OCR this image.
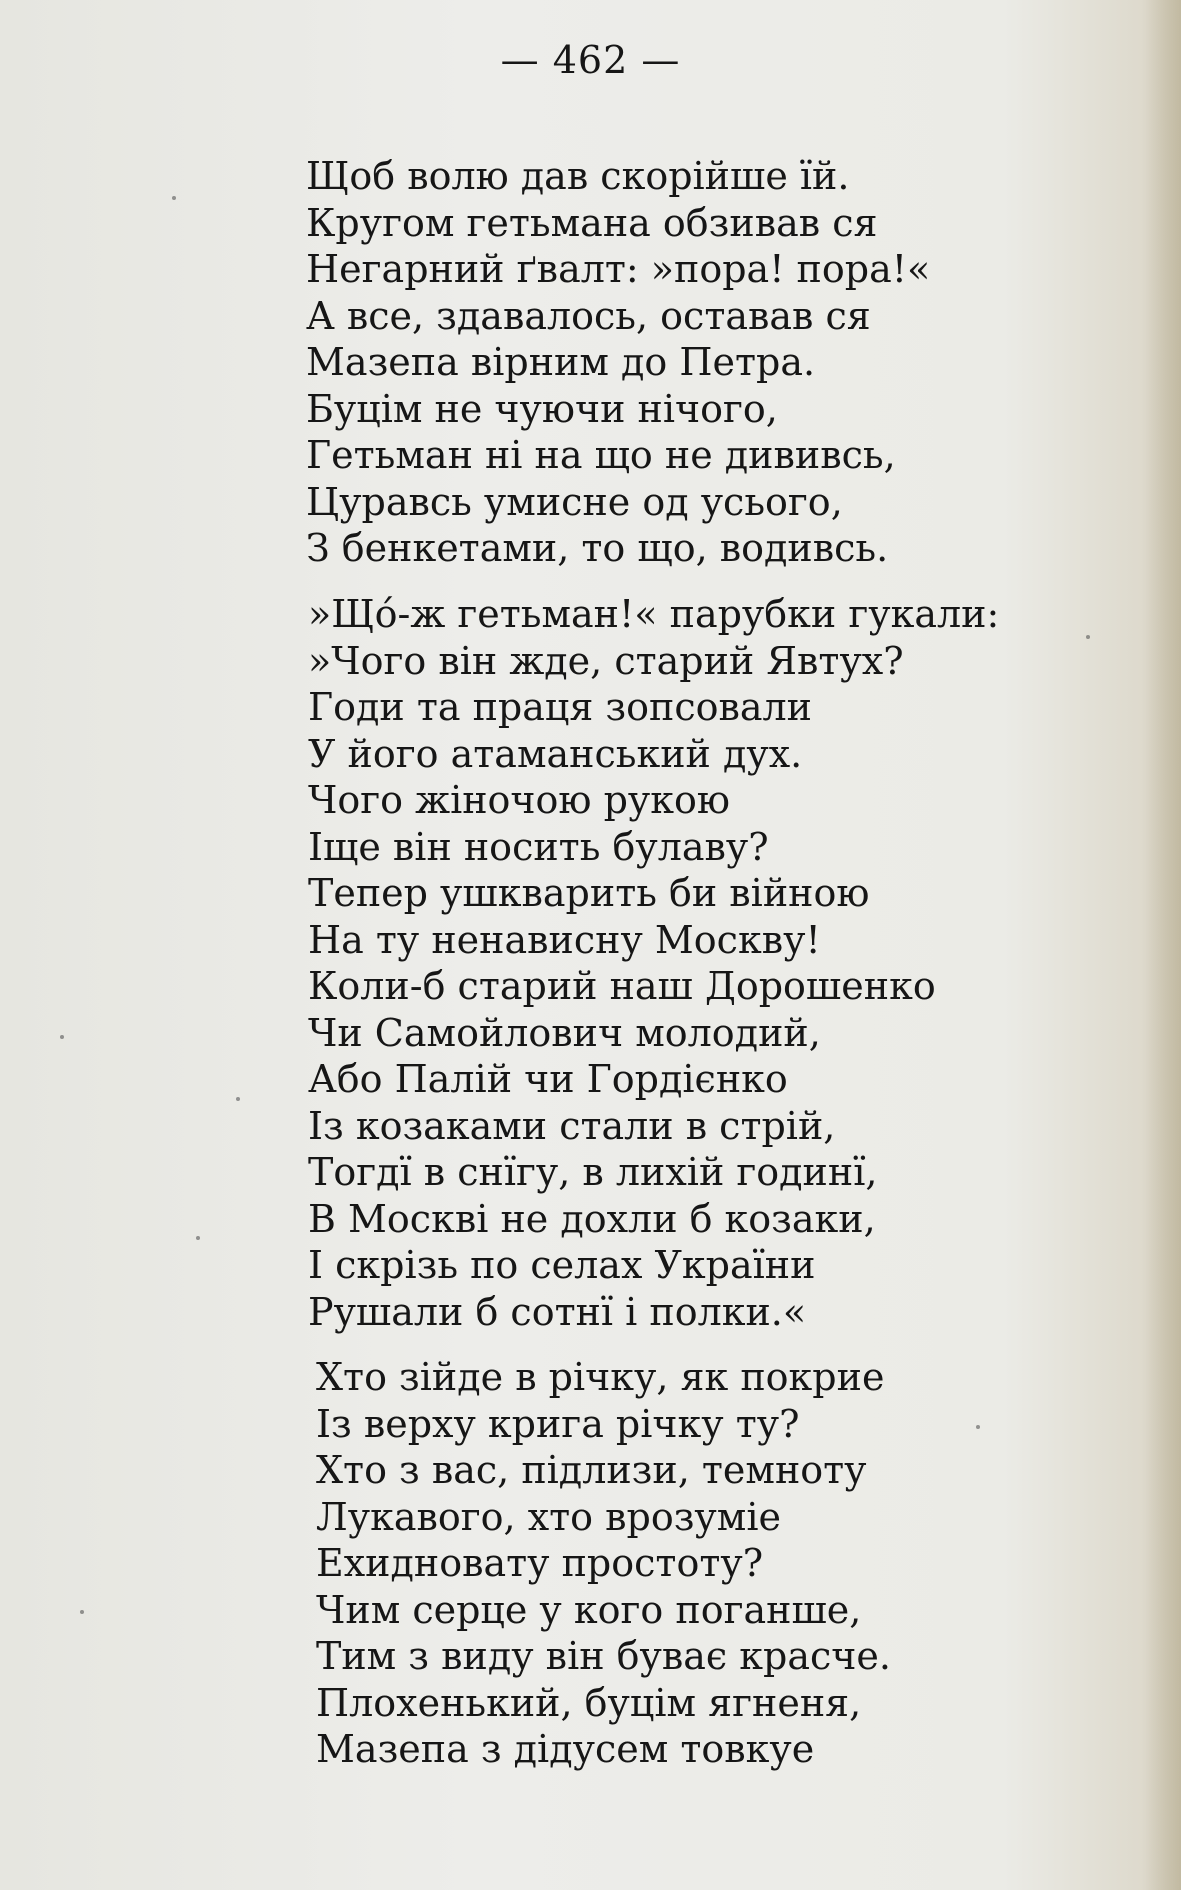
— 462 —
Щоб волю дав скорійше їй.
Кругом гетьмана обзивав ся
Негарний ґвалт: »пора! пора!«
А все, здавалось, оставав ся
Мазепа вірним до Петра.
Буцім не чуючи нічого,
Гетьман ні на що не дививсь,
Цуравсь умисне од усього,
З бенкетами, то що, водивсь.
»Щó-ж гетьман!« парубки гукали:
»Чого він жде, старий Явтух?
Годи та праця зопсовали
У його атаманський дух.
Чого жіночою рукою
Іще він носить булаву?
Тепер ушкварить би війною
На ту ненависну Москву!
Коли-б старий наш Дорошенко
Чи Самойлович молодий,
Або Палій чи Гордієнко
Із козаками стали в стрій,
Тогдї в снїгу, в лихій годинї,
В Москві не дохли б козаки,
І скрізь по селах України
Рушали б сотнї і полки.«
Хто зійде в річку, як покрие
Із верху крига річку ту?
Хто з вас, підлизи, темноту
Лукавого, хто врозуміе
Ехидновату простоту?
Чим серце у кого поганше,
Тим з виду він буває красче.
Плохенький, буцім ягненя,
Мазепа з дідусем товкуе
